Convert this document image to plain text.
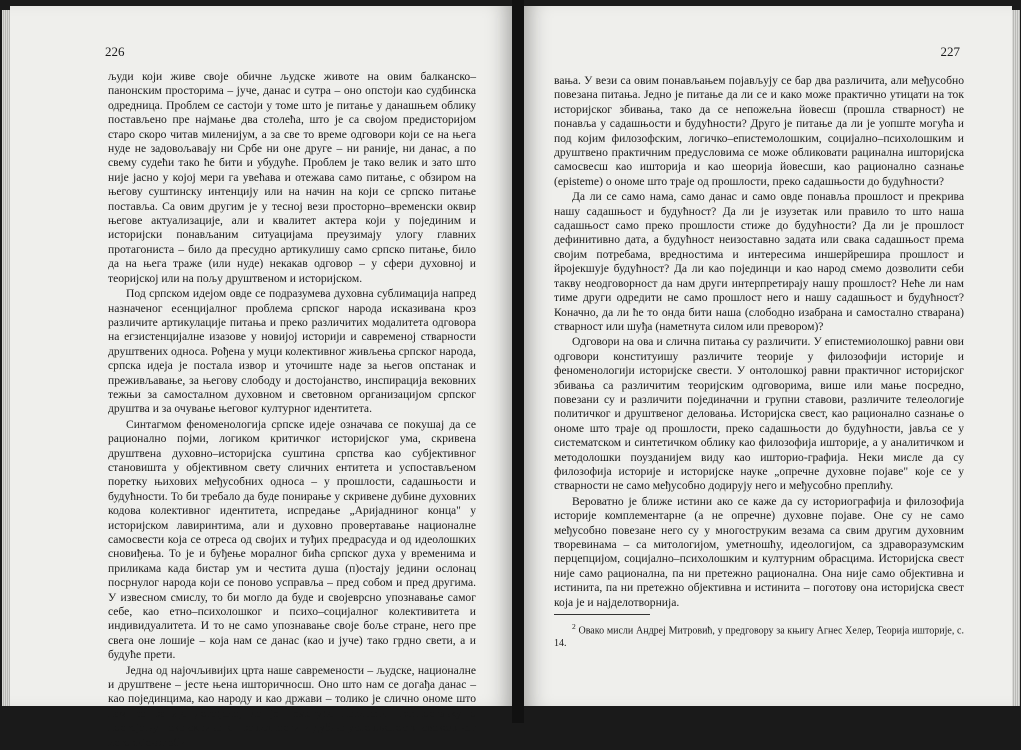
226

људи који живе своје обичне људске животе на овим балканско–панонским просторима – јуче, данас и сутра – оно опстоји као судбинска одредница. Проблем се састоји у томе што је питање у данашњем облику постављено пре најмање два столећа, што је са својом предисторијом старо скоро читав миленијум, а за све то време одговори који се на њега нуде не задовољавају ни Србе ни оне друге – ни раније, ни данас, а по свему судећи тако ће бити и убудуће. Проблем је тако велик и зато што није јасно у којој мери га увећава и отежава само питање, с обзиром на његову суштинску интенцију или на начин на који се српско питање поставља. Са овим другим је у тесној вези просторно–временски оквир његове актуализације, али и квалитет актера који у појединим и историјски понављаним ситуацијама преузимају улогу главних протагониста – било да пресудно артикулишу само српско питање, било да на њега траже (или нуде) некакав одговор – у сфери духовној и теоријској или на пољу друштвеном и историјском.

Под српском идејом овде се подразумева духовна сублимација напред назначеног есенцијалног проблема српског народа исказивана кроз различите артикулације питања и преко различитих модалитета одговора на егзистенцијалне изазове у новијој историји и савременој стварности друштвених односа. Рођена у муци колективног живљења српског народа, српска идеја је постала извор и уточиште наде за његов опстанак и преживљавање, за његову слободу и достојанство, инспирација вековних тежњи за самосталном духовном и световном организацијом српског друштва и за очување његовог културног идентитета.

Синтагмом феноменологија српске идеје означава се покушај да се рационално појми, логиком критичког историјског ума, скривена друштвена духовно–историјска суштина српства као субјективног становишта у објективном свету сличних ентитета и успостављеном поретку њихових међусобних односа – у прошлости, садашњости и будућности. То би требало да буде понирање у скривене дубине духовних кодова колективног идентитета, испредање „Аријадниног конца" у историјском лавиринтима, али и духовно провертавање националне самосвести која се отреса од својих и туђих предрасуда и од идеолошких сновиђења. То је и буђење моралног бића српског духа у временима и приликама када бистар ум и честита душа (п)остају једини ослонац посрнулог народа који се поново усправља – пред собом и пред другима. У извесном смислу, то би могло да буде и својеврсно упознавање самог себе, као етно–психолошког и психо–социјалног колективитета и индивидуалитета. И то не само упознавање своје боље стране, него пре свега оне лошије – која нам се данас (као и јуче) тако грдно свети, а и будуће прети.

Једна од најочљивијих црта наше савремености – људске, националне и друштвене – јесте њена ишторичносш. Оно што нам се догађа данас – као појединцима, као народу и као држави – толико је слично ономе што нам се раније догађало, да је немогуће негирати претпоставку о постојању неке скривене правилности и дубље условљености свеколиког историјског зби-

227

вања. У вези са овим понављањем појављују се бар два различита, али међусобно повезана питања. Једно је питање да ли се и како може практично утицати на ток историјског збивања, тако да се непожељна йовесш (прошла стварност) не понавља у садашњости и будућности? Друго је питање да ли је уопште могућа и под којим филозофским, логичко–епистемолошким, социјално–психолошким и друштвено практичним предусловима се може обликовати рацинална ишторијска самосвесш као ишторија и као шеорија йовесши, као рационално сазнање (episteme) о ономе што траје од прошлости, преко садашњости до будућности?

Да ли се само нама, само данас и само овде понавља прошлост и прекрива нашу садашњост и будућност? Да ли је изузетак или правило то што наша садашњост само преко прошлости стиже до будућности? Да ли је прошлост дефинитивно дата, а будућност неизоставно задата или свака садашњост према својим потребама, вредностима и интересима иншерйреширa прошлост и йројекшује будућност? Да ли као појединци и као народ смемо дозволити себи такву неодговорност да нам други интерпретирају нашу прошлост? Неће ли нам тиме други одредити не само прошлост него и нашу садашњост и будућност? Коначно, да ли ће то онда бити наша (слободно изабрана и самостално стварана) стварност или шуђа (наметнута силом или превором)?

Одговори на ова и слична питања су различити. У епистемиолошкој равни ови одговори конституишу различите теорије у филозофији историје и феноменологији историјске свести. У онтолошкој равни практичног историјског збивања са различитим теоријским одговорима, више или мање посредно, повезани су и различити појединачни и групни ставови, различите телеологије политичког и друштвеног деловања. Историјска свест, као рационално сазнање о ономе што траје од прошлости, преко садашњости до будућности, јавља се у систематском и синтетичком облику као филозофија ишторије, а у аналитичком и методолошки поузданијем виду као ишторио-графија. Неки мисле да су филозофија историје и историјске науке „опречне духовне појаве" које се у стварности не само међусобно додирују него и међусобно преплићу.

Вероватно је ближе истини ако се каже да су историографија и филозофија историје комплементарне (а не опречне) духовне појаве. Оне су не само међусобно повезане него су у многоструким везама са свим другим духовним творевинама – са митологијом, уметношћу, идеологијом, са здраворазумским перцепцијом, социјално–психолошким и културним обрасцима. Историјска свест није само рационална, па ни претежно рационална. Она није само објективна и истинита, па ни претежно објективна и истинита – поготову она историјска свест која је и најделотворнија.

$^2$ Овако мисли Андреј Митровић, у предговору за књигу Агнес Хелер, Теорија ишторије, с. 14.
